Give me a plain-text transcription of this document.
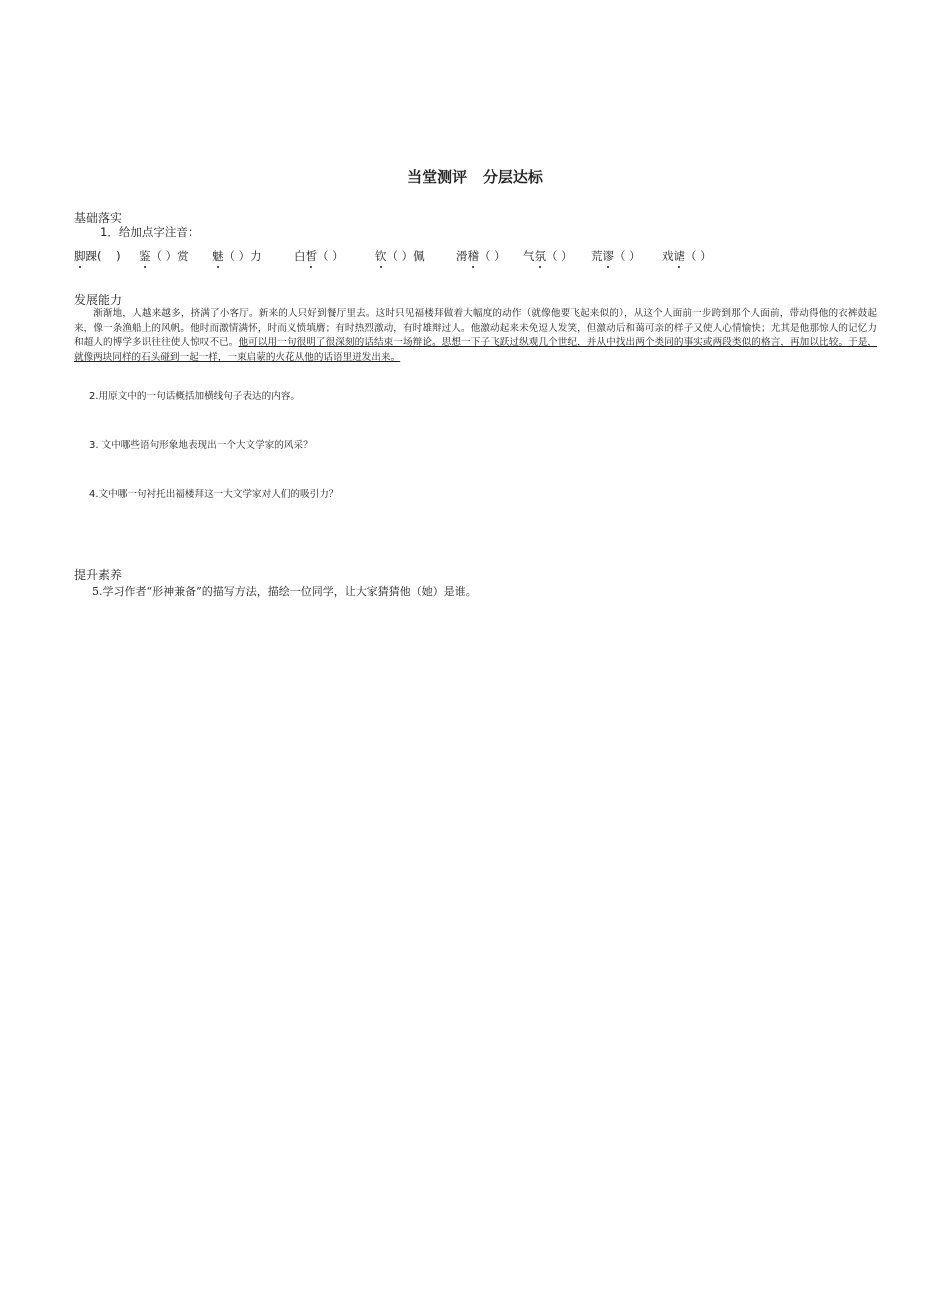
当堂测评   分层达标
基础落实
1．给加点字注音：
脚踝(    ) 鉴（ ）赏 魅（ ）力	白皙（ ）	钦（ ）佩	滑稽（ ） 气氛（ ） 荒谬（ ） 戏谑（ ）
发展能力

渐渐地，人越来越多，挤满了小客厅。新来的人只好到餐厅里去。这时只见福楼拜做着大幅度的动作（就像他要飞起来似的），从这个人面前一步跨到那个人面前，带动得他的衣裤鼓起来，像一条渔船上的风帆。他时而激情满怀，时而义愤填膺；有时热烈激动，有时雄辩过人。他激动起来未免逗人发笑，但激动后和蔼可亲的样子又使人心情愉快；尤其是他那惊人的记忆力和超人的博学多识往往使人惊叹不已。他可以用一句很明了很深刻的话结束一场辩论。思想一下子飞跃过纵观几个世纪，并从中找出两个类同的事实或两段类似的格言，再加以比较。于是，就像两块同样的石头碰到一起一样，一束启蒙的火花从他的话语里迸发出来。

2.用原文中的一句话概括加横线句子表达的内容。
3. 文中哪些语句形象地表现出一个大文学家的风采？
4.文中哪一句衬托出福楼拜这一大文学家对人们的吸引力？
提升素养
5.学习作者“形神兼备”的描写方法，描绘一位同学，让大家猜猜他（她）是谁。
